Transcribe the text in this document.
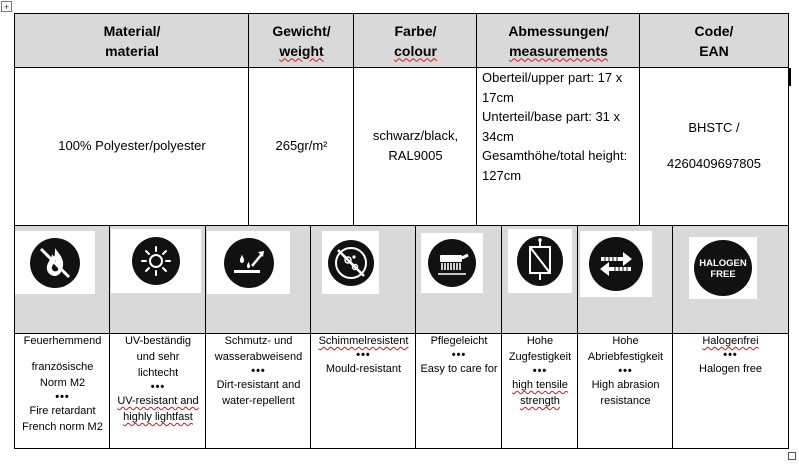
+
Material/
material
Gewicht/
weight
Farbe/
colour
Abmessungen/
measurements
Code/
EAN
100% Polyester/polyester	265gr/m²
schwarz/black,
RAL9005
Oberteil/upper part: 17 x 17cm
Unterteil/base part: 31 x 34cm
Gesamthöhe/total height: 127cm
BHSTC /
4260409697805
HALOGEN
FREE
Feuerhemmend
französische
Norm M2
•••
Fire retardant
French norm M2
UV-beständig
und sehr
lichtecht
•••
UV-resistant and
highly lightfast
Schmutz- und
wasserabweisend
•••
Dirt-resistant and
water-repellent
Schimmelresistent
•••
Mould-resistant
Pflegeleicht
•••
Easy to care for
Hohe
Zugfestigkeit
•••
high tensile
strength
Hohe
Abriebfestigkeit
•••
High abrasion
resistance
Halogenfrei
•••
Halogen free
